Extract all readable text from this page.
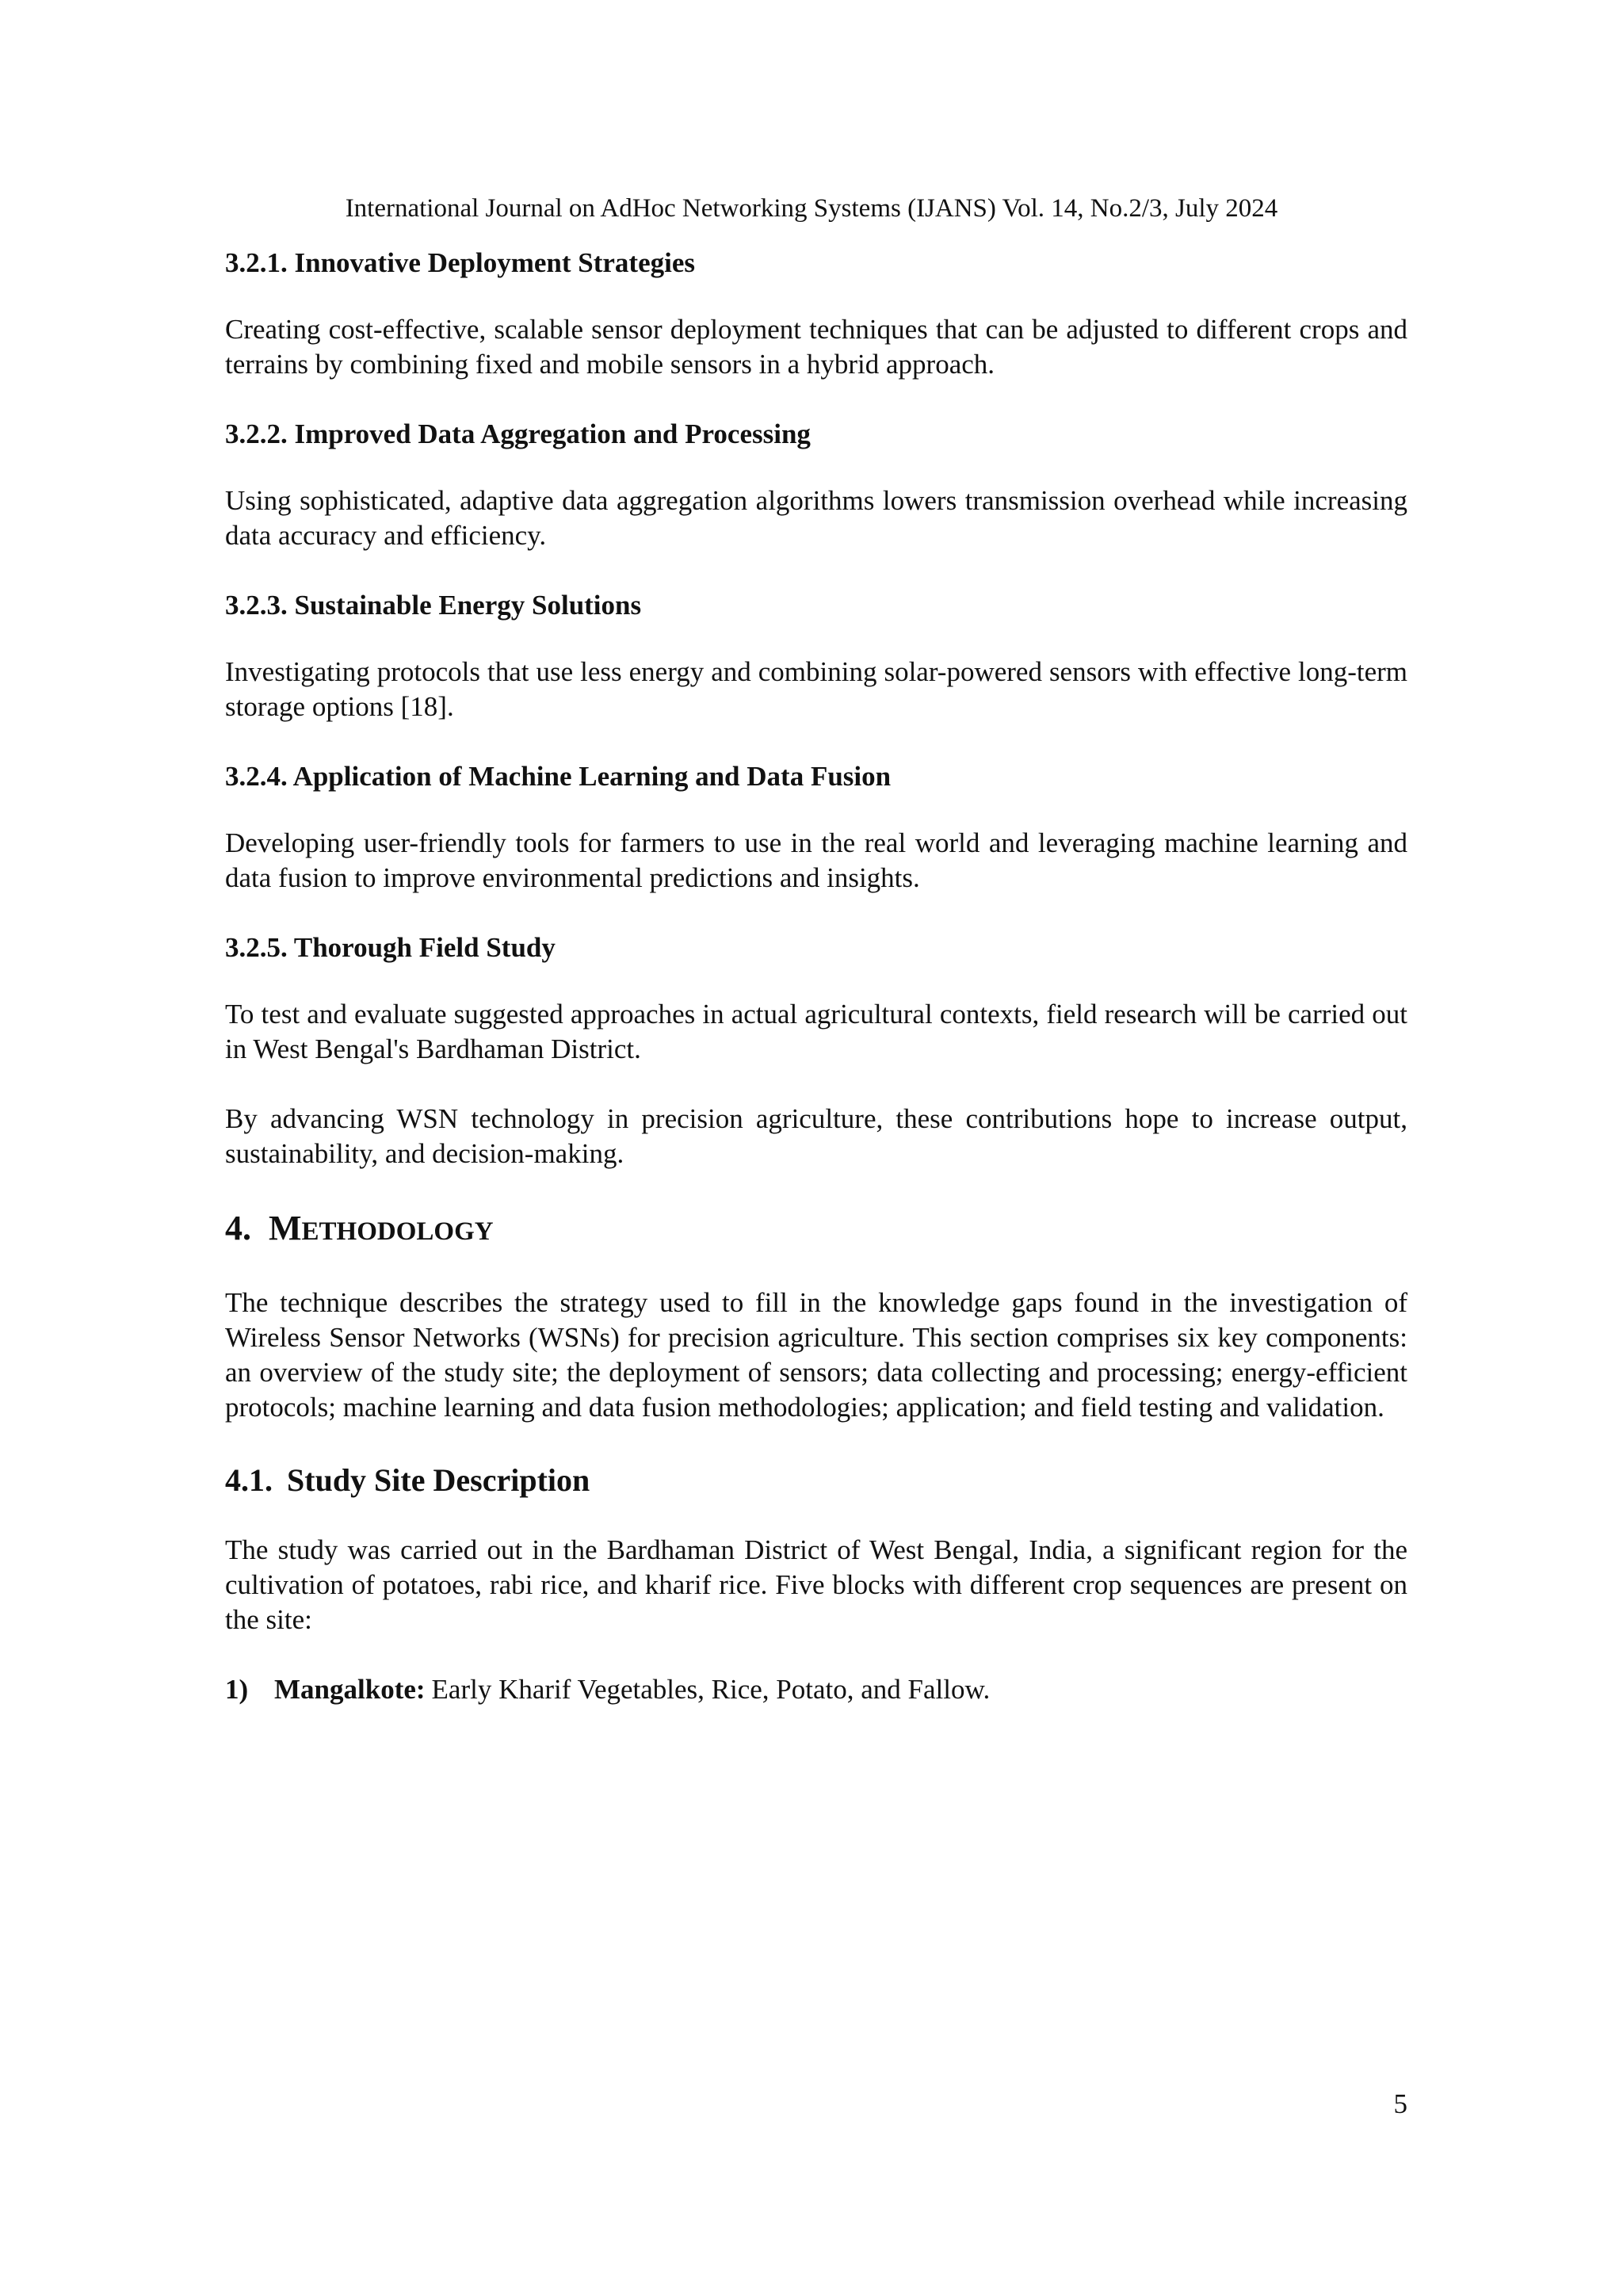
International Journal on AdHoc Networking Systems (IJANS) Vol. 14, No.2/3, July 2024
3.2.1. Innovative Deployment Strategies

Creating cost-effective, scalable sensor deployment techniques that can be adjusted to different crops and terrains by combining fixed and mobile sensors in a hybrid approach.

3.2.2. Improved Data Aggregation and Processing

Using sophisticated, adaptive data aggregation algorithms lowers transmission overhead while increasing data accuracy and efficiency.

3.2.3. Sustainable Energy Solutions

Investigating protocols that use less energy and combining solar-powered sensors with effective long-term storage options [18].

3.2.4. Application of Machine Learning and Data Fusion

Developing user-friendly tools for farmers to use in the real world and leveraging machine learning and data fusion to improve environmental predictions and insights.

3.2.5. Thorough Field Study

To test and evaluate suggested approaches in actual agricultural contexts, field research will be carried out in West Bengal's Bardhaman District.

By advancing WSN technology in precision agriculture, these contributions hope to increase output, sustainability, and decision-making.

4. METHODOLOGY

The technique describes the strategy used to fill in the knowledge gaps found in the investigation of Wireless Sensor Networks (WSNs) for precision agriculture. This section comprises six key components: an overview of the study site; the deployment of sensors; data collecting and processing; energy-efficient protocols; machine learning and data fusion methodologies; application; and field testing and validation.

4.1. Study Site Description

The study was carried out in the Bardhaman District of West Bengal, India, a significant region for the cultivation of potatoes, rabi rice, and kharif rice. Five blocks with different crop sequences are present on the site:

1) Mangalkote: Early Kharif Vegetables, Rice, Potato, and Fallow.
5
